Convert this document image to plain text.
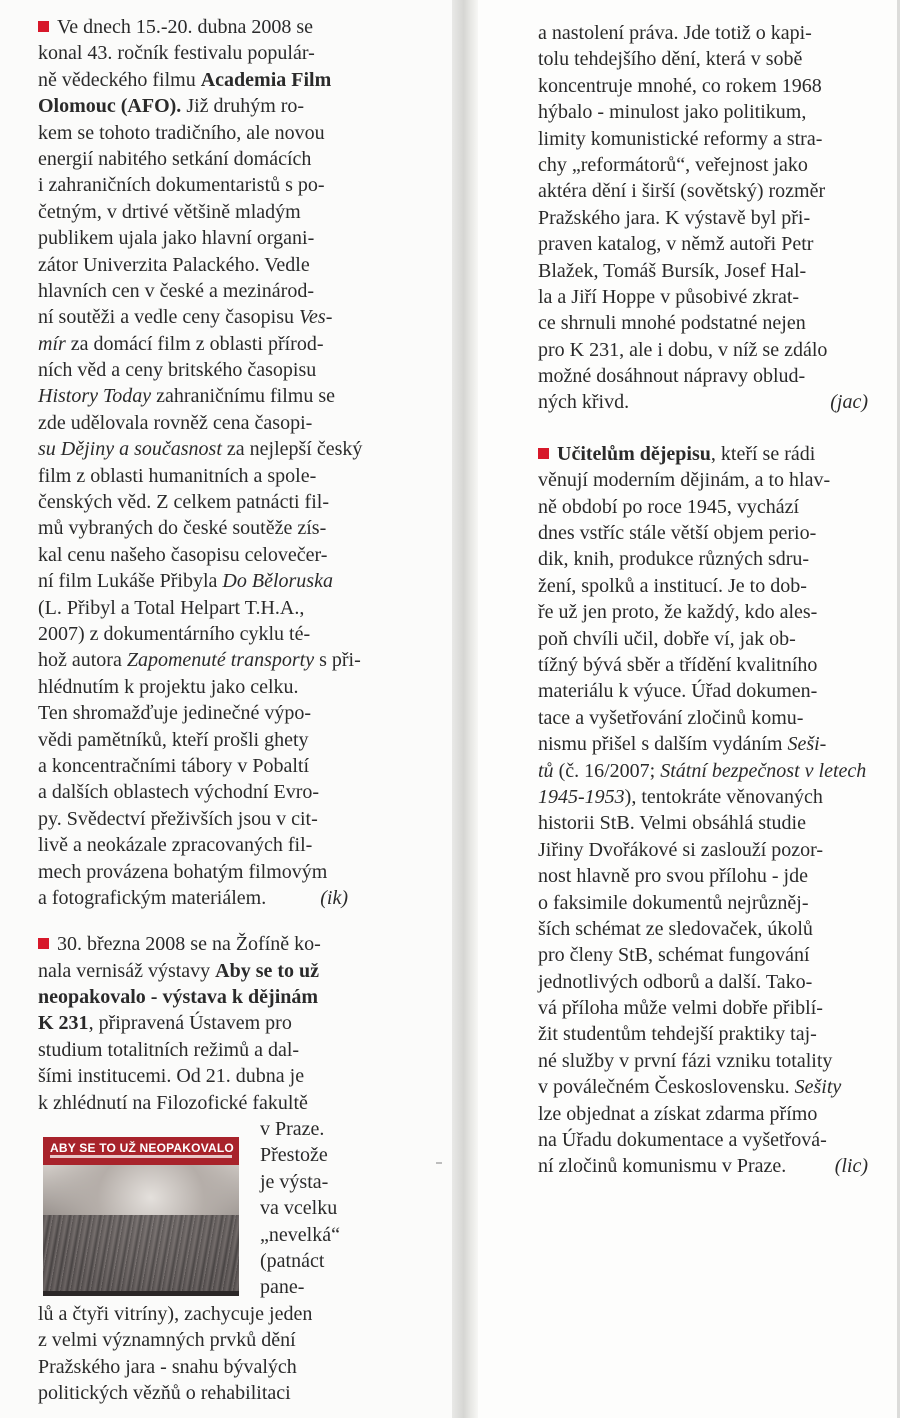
Ve dnech 15.-20. dubna 2008 se
konal 43. ročník festivalu populár-
ně vědeckého filmu Academia Film
Olomouc (AFO). Již druhým ro-
kem se tohoto tradičního, ale novou
energií nabitého setkání domácích
i zahraničních dokumentaristů s po-
četným, v drtivé většině mladým
publikem ujala jako hlavní organi-
zátor Univerzita Palackého. Vedle
hlavních cen v české a mezinárod-
ní soutěži a vedle ceny časopisu Ves-
mír za domácí film z oblasti přírod-
ních věd a ceny britského časopisu
History Today zahraničnímu filmu se
zde udělovala rovněž cena časopi-
su Dějiny a současnost za nejlepší český
film z oblasti humanitních a spole-
čenských věd. Z celkem patnácti fil-
mů vybraných do české soutěže zís-
kal cenu našeho časopisu celovečer-
ní film Lukáše Přibyla Do Běloruska
(L. Přibyl a Total Helpart T.H.A.,
2007) z dokumentárního cyklu té-
hož autora Zapomenuté transporty s při-
hlédnutím k projektu jako celku.
Ten shromažďuje jedinečné výpo-
vědi pamětníků, kteří prošli ghety
a koncentračními tábory v Pobaltí
a dalších oblastech východní Evro-
py. Svědectví přeživších jsou v cit-
livě a neokázale zpracovaných fil-
mech provázena bohatým filmovým
a fotografickým materiálem.	(ik)
30. března 2008 se na Žofíně ko-
nala vernisáž výstavy Aby se to už
neopakovalo - výstava k dějinám
K 231, připravená Ústavem pro
studium totalitních režimů a dal-
šími institucemi. Od 21. dubna je
k zhlédnutí na Filozofické fakultě
v Praze.
Přestože
je výsta-
va vcelku
„nevelká“
(patnáct
pane-
lů a čtyři vitríny), zachycuje jeden
z velmi významných prvků dění
Pražského jara - snahu bývalých
politických vězňů o rehabilitaci
ABY SE TO UŽ NEOPAKOVALO
a nastolení práva. Jde totiž o kapi-
tolu tehdejšího dění, která v sobě
koncentruje mnohé, co rokem 1968
hýbalo - minulost jako politikum,
limity komunistické reformy a stra-
chy „reformátorů“, veřejnost jako
aktéra dění i širší (sovětský) rozměr
Pražského jara. K výstavě byl při-
praven katalog, v němž autoři Petr
Blažek, Tomáš Bursík, Josef Hal-
la a Jiří Hoppe v působivé zkrat-
ce shrnuli mnohé podstatné nejen
pro K 231, ale i dobu, v níž se zdálo
možné dosáhnout nápravy oblud-
ných křivd.	(jac)
Učitelům dějepisu, kteří se rádi
věnují moderním dějinám, a to hlav-
ně období po roce 1945, vychází
dnes vstříc stále větší objem perio-
dik, knih, produkce různých sdru-
žení, spolků a institucí. Je to dob-
ře už jen proto, že každý, kdo ales-
poň chvíli učil, dobře ví, jak ob-
tížný bývá sběr a třídění kvalitního
materiálu k výuce. Úřad dokumen-
tace a vyšetřování zločinů komu-
nismu přišel s dalším vydáním Seši-
tů (č. 16/2007; Státní bezpečnost v letech
1945-1953), tentokráte věnovaných
historii StB. Velmi obsáhlá studie
Jiřiny Dvořákové si zaslouží pozor-
nost hlavně pro svou přílohu - jde
o faksimile dokumentů nejrůzněj-
ších schémat ze sledovaček, úkolů
pro členy StB, schémat fungování
jednotlivých odborů a další. Tako-
vá příloha může velmi dobře přiblí-
žit studentům tehdejší praktiky taj-
né služby v první fázi vzniku totality
v poválečném Československu. Sešity
lze objednat a získat zdarma přímo
na Úřadu dokumentace a vyšetřová-
ní zločinů komunismu v Praze. (lic)
